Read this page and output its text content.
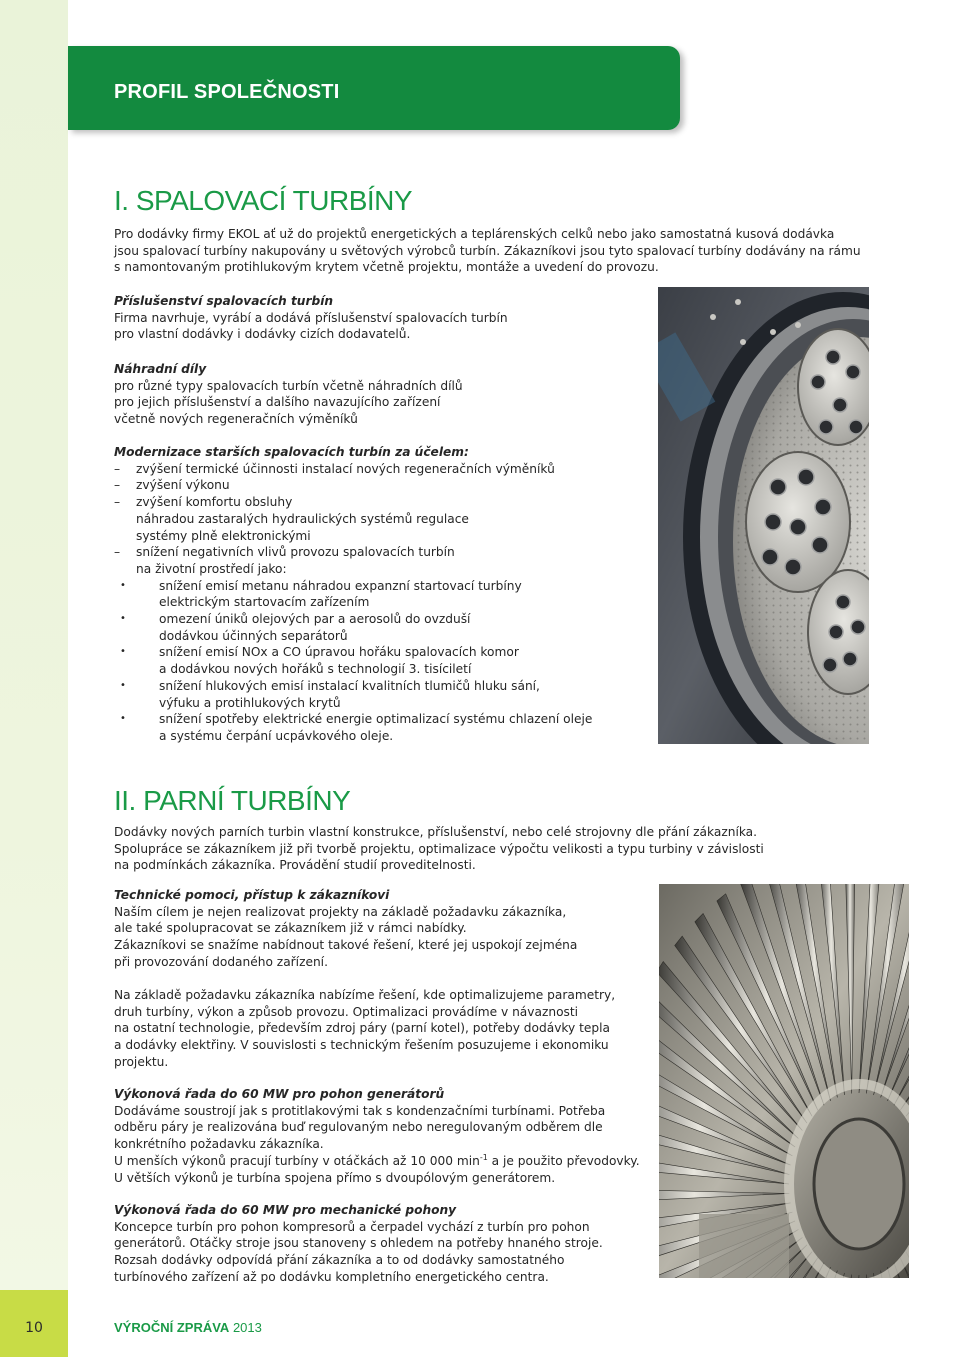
10
PROFIL SPOLEČNOSTI
I. SPALOVACÍ TURBÍNY

Pro dodávky firmy EKOL ať už do projektů energetických a teplárenských celků nebo jako samostatná kusová dodávka

jsou spalovací turbíny nakupovány u světových výrobců turbín. Zákazníkovi jsou tyto spalovací turbíny dodávány na rámu

s namontovaným protihlukovým krytem včetně projektu, montáže a uvedení do provozu.

Příslušenství spalovacích turbín

Firma navrhuje, vyrábí a dodává příslušenství spalovacích turbín

pro vlastní dodávky i dodávky cizích dodavatelů.

Náhradní díly

pro různé typy spalovacích turbín včetně náhradních dílů

pro jejich příslušenství a dalšího navazujícího zařízení

včetně nových regeneračních výměníků

Modernizace starších spalovacích turbín za účelem:

– zvýšení termické účinnosti instalací nových regeneračních výměníků
– zvýšení výkonu
– zvýšení komfortu obsluhy
náhradou zastaralých hydraulických systémů regulace
systémy plně elektronickými
– snížení negativních vlivů provozu spalovacích turbín
na životní prostředí jako:
•	snížení emisí metanu náhradou expanzní startovací turbíny
elektrickým startovacím zařízením
•	omezení úniků olejových par a aerosolů do ovzduší
dodávkou účinných separátorů
•	snížení emisí NOx a CO úpravou hořáku spalovacích komor
a dodávkou nových hořáků s technologií 3. tisíciletí
•	snížení hlukových emisí instalací kvalitních tlumičů hluku sání,
výfuku a protihlukových krytů
•	snížení spotřeby elektrické energie optimalizací systému chlazení oleje
a systému čerpání ucpávkového oleje.
II. PARNÍ TURBÍNY

Dodávky nových parních turbin vlastní konstrukce, příslušenství, nebo celé strojovny dle přání zákazníka.

Spolupráce se zákazníkem již při tvorbě projektu, optimalizace výpočtu velikosti a typu turbiny v závislosti

na podmínkách zákazníka. Provádění studií proveditelnosti.

Technické pomoci, přístup k zákazníkovi

Naším cílem je nejen realizovat projekty na základě požadavku zákazníka,

ale také spolupracovat se zákazníkem již v rámci nabídky.

Zákazníkovi se snažíme nabídnout takové řešení, které jej uspokojí zejména

při provozování dodaného zařízení.

Na základě požadavku zákazníka nabízíme řešení, kde optimalizujeme parametry,

druh turbíny, výkon a způsob provozu. Optimalizaci provádíme v návaznosti

na ostatní technologie, především zdroj páry (parní kotel), potřeby dodávky tepla

a dodávky elektřiny. V souvislosti s technickým řešením posuzujeme i ekonomiku

projektu.

Výkonová řada do 60 MW pro pohon generátorů

Dodáváme soustrojí jak s protitlakovými tak s kondenzačními turbínami. Potřeba

odběru páry je realizována buď regulovaným nebo neregulovaným odběrem dle

konkrétního požadavku zákazníka.

U menších výkonů pracují turbíny v otáčkách až 10 000 $\min^{-1} a$ je použito převodovky.

U větších výkonů je turbína spojena přímo s dvoupólovým generátorem.

Výkonová řada do 60 MW pro mechanické pohony

Koncepce turbín pro pohon kompresorů a čerpadel vychází z turbín pro pohon

generátorů. Otáčky stroje jsou stanoveny s ohledem na potřeby hnaného stroje.

Rozsah dodávky odpovídá přání zákazníka a to od dodávky samostatného

turbínového zařízení až po dodávku kompletního energetického centra.

VÝROČNÍ ZPRÁVA 2013
